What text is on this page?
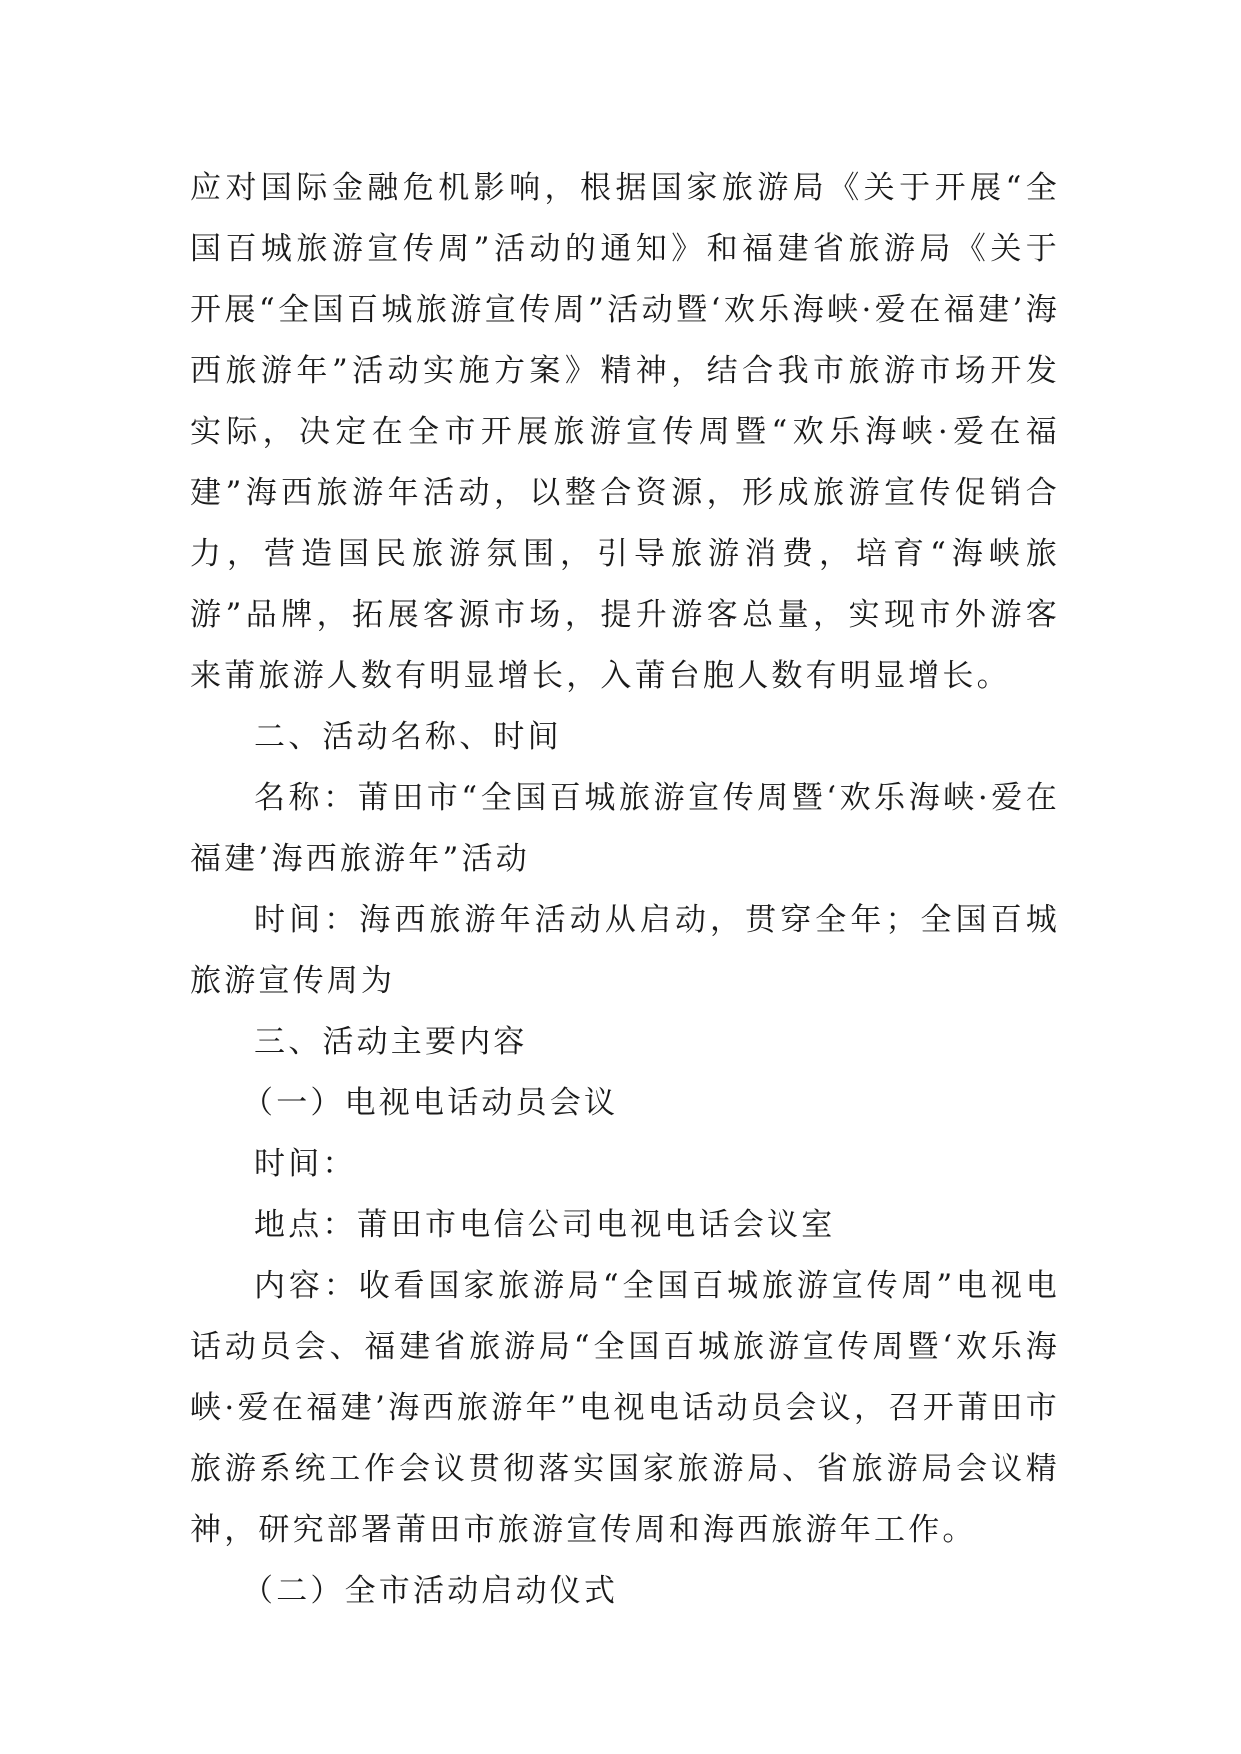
应对国际金融危机影响，根据国家旅游局《关于开展“全国百城旅游宣传周”活动的通知》和福建省旅游局《关于开展“全国百城旅游宣传周”活动暨‘欢乐海峡·爱在福建’海西旅游年”活动实施方案》精神，结合我市旅游市场开发实际，决定在全市开展旅游宣传周暨“欢乐海峡·爱在福建”海西旅游年活动，以整合资源，形成旅游宣传促销合力，营造国民旅游氛围，引导旅游消费，培育“海峡旅游”品牌，拓展客源市场，提升游客总量，实现市外游客来莆旅游人数有明显增长，入莆台胞人数有明显增长。

二、活动名称、时间

名称：莆田市“全国百城旅游宣传周暨‘欢乐海峡·爱在福建’海西旅游年”活动

时间：海西旅游年活动从启动，贯穿全年；全国百城旅游宣传周为

三、活动主要内容

（一）电视电话动员会议

时间：

地点：莆田市电信公司电视电话会议室

内容：收看国家旅游局“全国百城旅游宣传周”电视电话动员会、福建省旅游局“全国百城旅游宣传周暨‘欢乐海峡·爱在福建’海西旅游年”电视电话动员会议，召开莆田市旅游系统工作会议贯彻落实国家旅游局、省旅游局会议精神，研究部署莆田市旅游宣传周和海西旅游年工作。

（二）全市活动启动仪式
